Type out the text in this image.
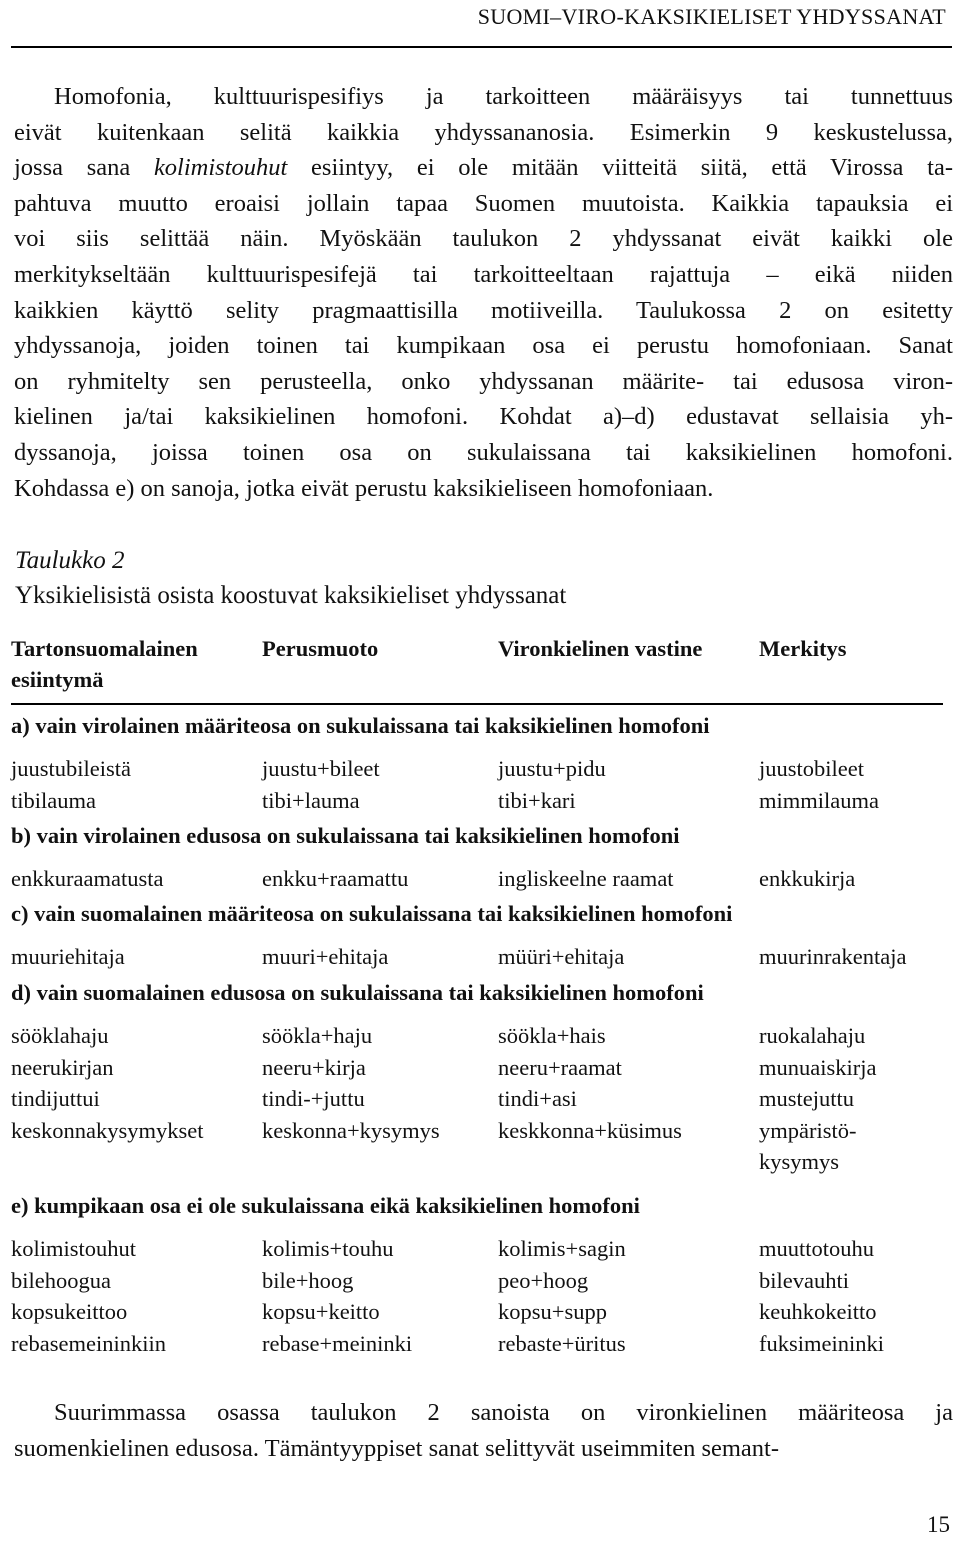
SUOMI–VIRO-KAKSIKIELISET YHDYSSANAT
Homofonia, kulttuurispesifiys ja tarkoitteen määräisyys tai tunnettuus
eivät kuitenkaan selitä kaikkia yhdyssananosia. Esimerkin 9 keskustelussa,
jossa sana kolimistouhut esiintyy, ei ole mitään viitteitä siitä, että Virossa ta-
pahtuva muutto eroaisi jollain tapaa Suomen muutoista. Kaikkia tapauksia ei
voi siis selittää näin. Myöskään taulukon 2 yhdyssanat eivät kaikki ole
merkitykseltään kulttuurispesifejä tai tarkoitteeltaan rajattuja – eikä niiden
kaikkien käyttö selity pragmaattisilla motiiveilla. Taulukossa 2 on esitetty
yhdyssanoja, joiden toinen tai kumpikaan osa ei perustu homofoniaan. Sanat
on ryhmitelty sen perusteella, onko yhdyssanan määrite- tai edusosa viron-
kielinen ja/tai kaksikielinen homofoni. Kohdat a)–d) edustavat sellaisia yh-
dyssanoja, joissa toinen osa on sukulaissana tai kaksikielinen homofoni.
Kohdassa e) on sanoja, jotka eivät perustu kaksikieliseen homofoniaan.
Taulukko 2
Yksikielisistä osista koostuvat kaksikieliset yhdyssanat
Tartonsuomalainen
esiintymä
Perusmuoto	Vironkielinen vastine	Merkitys
a) vain virolainen määriteosa on sukulaissana tai kaksikielinen homofoni
juustubileistä	juustu+bileet	juustu+pidu	juustobileet
tibilauma	tibi+lauma	tibi+kari	mimmilauma
b) vain virolainen edusosa on sukulaissana tai kaksikielinen homofoni
enkkuraamatusta	enkku+raamattu	ingliskeelne raamat	enkkukirja
c) vain suomalainen määriteosa on sukulaissana tai kaksikielinen homofoni
muuriehitaja	muuri+ehitaja	müüri+ehitaja	muurinrakentaja
d) vain suomalainen edusosa on sukulaissana tai kaksikielinen homofoni
sööklahaju	söökla+haju	söökla+hais	ruokalahaju
neerukirjan	neeru+kirja	neeru+raamat	munuaiskirja
tindijuttui	tindi-+juttu	tindi+asi	mustejuttu
keskonnakysymykset	keskonna+kysymys	keskkonna+küsimus	ympäristö-
kysymys
e) kumpikaan osa ei ole sukulaissana eikä kaksikielinen homofoni
kolimistouhut	kolimis+touhu	kolimis+sagin	muuttotouhu
bilehoogua	bile+hoog	peo+hoog	bilevauhti
kopsukeittoo	kopsu+keitto	kopsu+supp	keuhkokeitto
rebasemeininkiin	rebase+meininki	rebaste+üritus	fuksimeininki
Suurimmassa osassa taulukon 2 sanoista on vironkielinen määriteosa ja
suomenkielinen edusosa. Tämäntyyppiset sanat selittyvät useimmiten semant-
15
